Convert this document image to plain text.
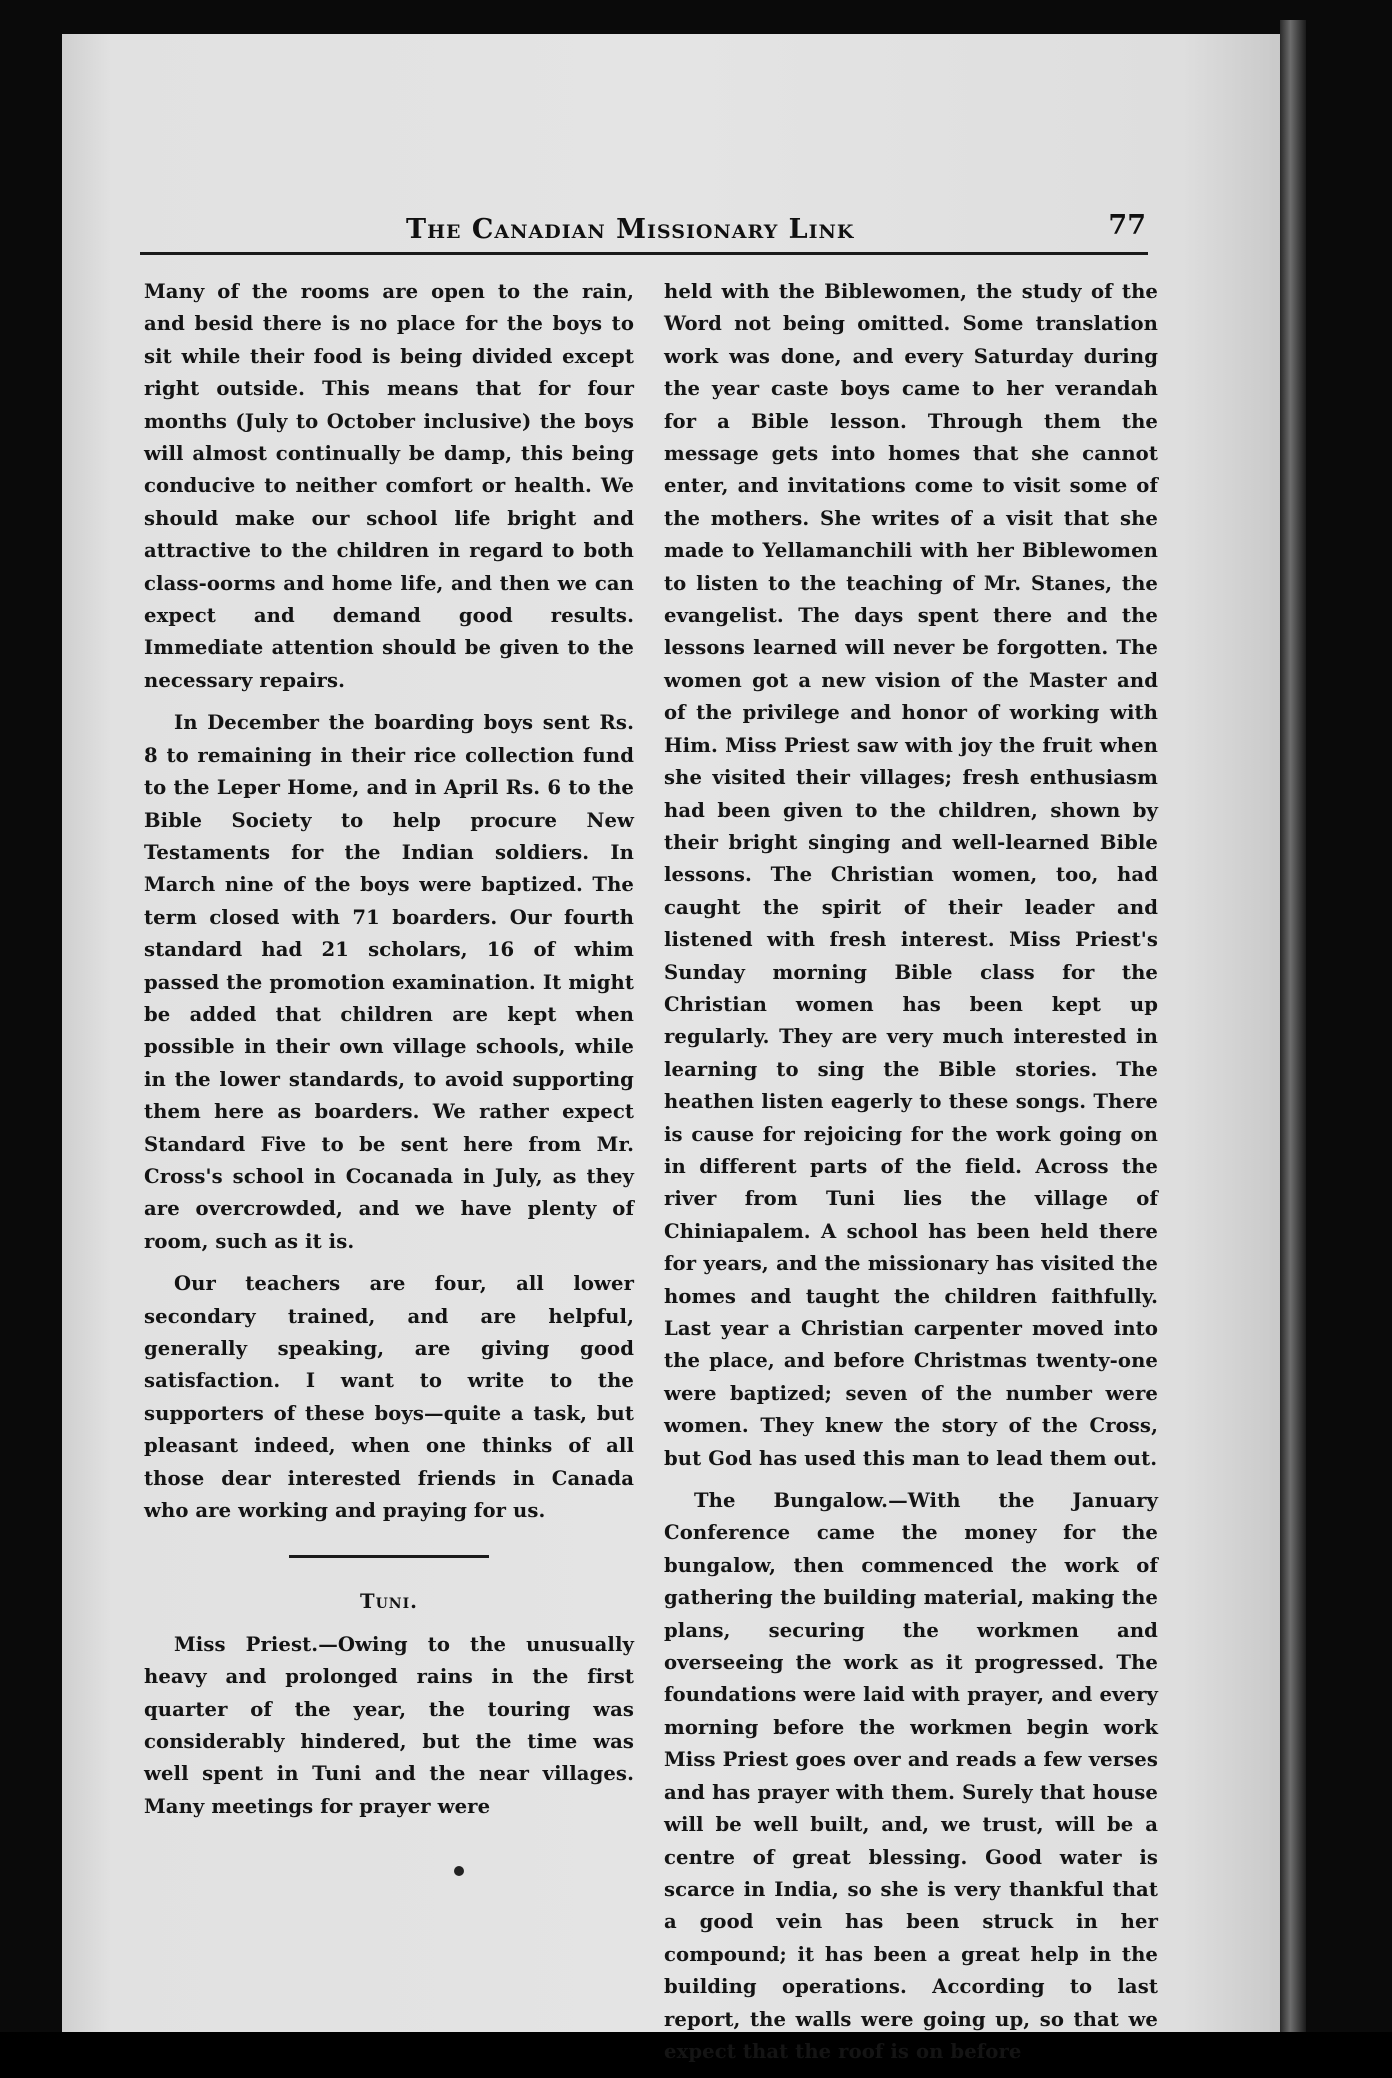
The Canadian Missionary Link	77

Many of the rooms are open to the rain, and besid there is no place for the boys to sit while their food is being divided except right outside. This means that for four months (July to October inclusive) the boys will almost continually be damp, this being conducive to neither comfort or health. We should make our school life bright and attractive to the children in regard to both class-oorms and home life, and then we can expect and demand good results. Immediate attention should be given to the necessary repairs.

In December the boarding boys sent Rs. 8 to remaining in their rice collection fund to the Leper Home, and in April Rs. 6 to the Bible Society to help procure New Testaments for the Indian soldiers. In March nine of the boys were baptized. The term closed with 71 boarders. Our fourth standard had 21 scholars, 16 of whim passed the promotion examination. It might be added that children are kept when possible in their own village schools, while in the lower standards, to avoid supporting them here as boarders. We rather expect Standard Five to be sent here from Mr. Cross's school in Cocanada in July, as they are overcrowded, and we have plenty of room, such as it is.

Our teachers are four, all lower secondary trained, and are helpful, generally speaking, are giving good satisfaction. I want to write to the supporters of these boys—quite a task, but pleasant indeed, when one thinks of all those dear interested friends in Canada who are working and praying for us.

Tuni.

Miss Priest.—Owing to the unusually heavy and prolonged rains in the first quarter of the year, the touring was considerably hindered, but the time was well spent in Tuni and the near villages. Many meetings for prayer were

held with the Biblewomen, the study of the Word not being omitted. Some translation work was done, and every Saturday during the year caste boys came to her verandah for a Bible lesson. Through them the message gets into homes that she cannot enter, and invitations come to visit some of the mothers. She writes of a visit that she made to Yellamanchili with her Biblewomen to listen to the teaching of Mr. Stanes, the evangelist. The days spent there and the lessons learned will never be forgotten. The women got a new vision of the Master and of the privilege and honor of working with Him. Miss Priest saw with joy the fruit when she visited their villages; fresh enthusiasm had been given to the children, shown by their bright singing and well-learned Bible lessons. The Christian women, too, had caught the spirit of their leader and listened with fresh interest. Miss Priest's Sunday morning Bible class for the Christian women has been kept up regularly. They are very much interested in learning to sing the Bible stories. The heathen listen eagerly to these songs. There is cause for rejoicing for the work going on in different parts of the field. Across the river from Tuni lies the village of Chiniapalem. A school has been held there for years, and the missionary has visited the homes and taught the children faithfully. Last year a Christian carpenter moved into the place, and before Christmas twenty-one were baptized; seven of the number were women. They knew the story of the Cross, but God has used this man to lead them out.

The Bungalow.—With the January Conference came the money for the bungalow, then commenced the work of gathering the building material, making the plans, securing the workmen and overseeing the work as it progressed. The foundations were laid with prayer, and every morning before the workmen begin work Miss Priest goes over and reads a few verses and has prayer with them. Surely that house will be well built, and, we trust, will be a centre of great blessing. Good water is scarce in India, so she is very thankful that a good vein has been struck in her compound; it has been a great help in the building operations. According to last report, the walls were going up, so that we expect that the roof is on before
